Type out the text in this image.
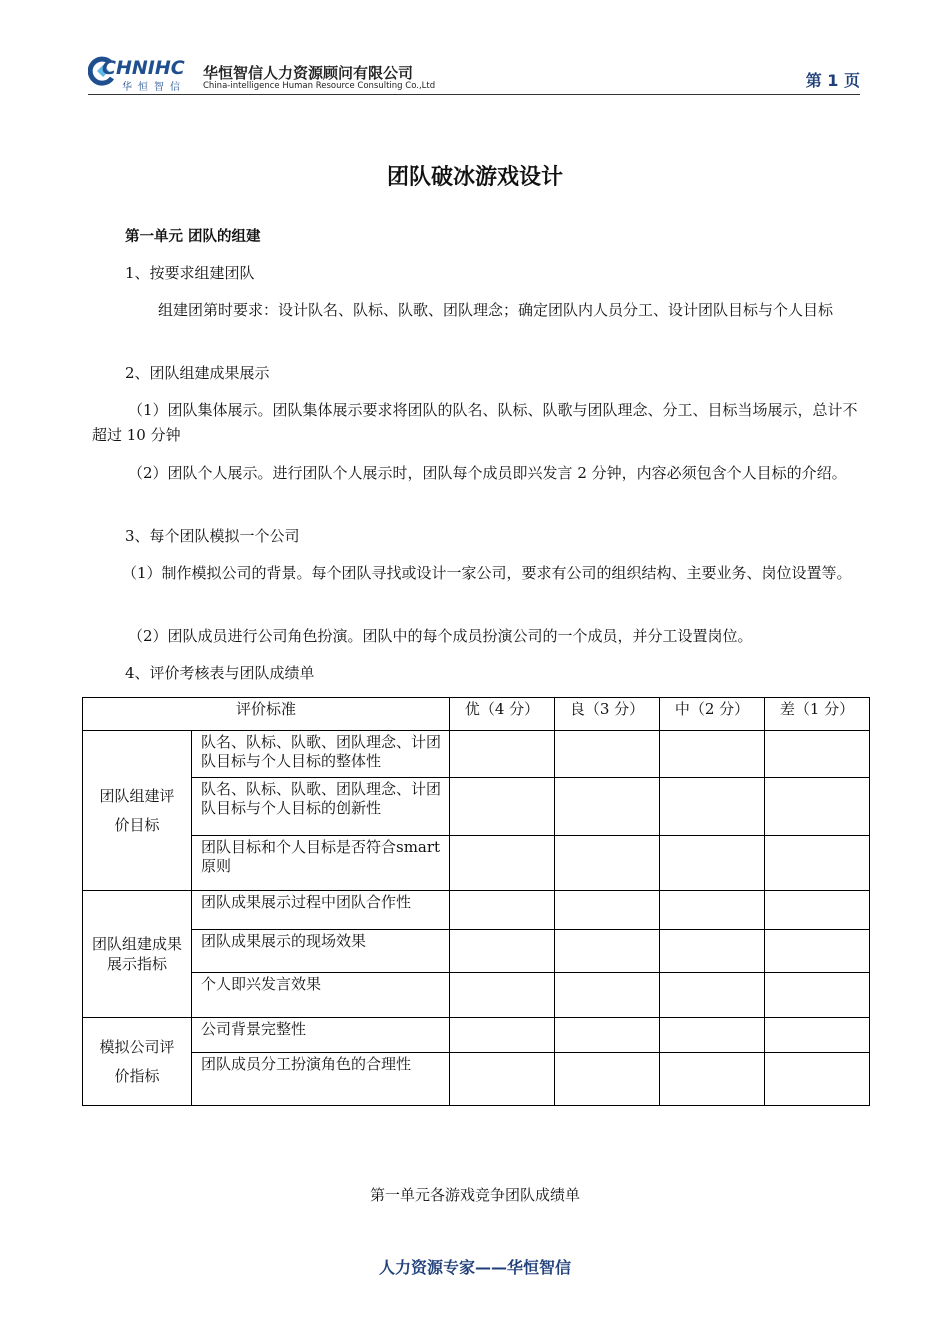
CHNIHC
华恒智信
华恒智信人力资源顾问有限公司
China-intelligence Human Resource Consulting Co.,Ltd	第 1 页
团队破冰游戏设计

第一单元 团队的组建

1、按要求组建团队

组建团第时要求：设计队名、队标、队歌、团队理念；确定团队内人员分工、设计团队目标与个人目标

2、团队组建成果展示

（1）团队集体展示。团队集体展示要求将团队的队名、队标、队歌与团队理念、分工、目标当场展示，总计不超过 10 分钟

（2）团队个人展示。进行团队个人展示时，团队每个成员即兴发言 2 分钟，内容必须包含个人目标的介绍。

3、每个团队模拟一个公司

（1）制作模拟公司的背景。每个团队寻找或设计一家公司，要求有公司的组织结构、主要业务、岗位设置等。

（2）团队成员进行公司角色扮演。团队中的每个成员扮演公司的一个成员，并分工设置岗位。

4、评价考核表与团队成绩单

评价标准		优（4 分）	良（3 分）	中（2 分）	差（1 分）
团队组建评价目标	队名、队标、队歌、团队理念、计团队目标与个人目标的整体性				
	队名、队标、队歌、团队理念、计团队目标与个人目标的创新性				
	团队目标和个人目标是否符合smart 原则				
团队组建成果展示指标	团队成果展示过程中团队合作性				
	团队成果展示的现场效果				
	个人即兴发言效果				
模拟公司评价指标	公司背景完整性				
	团队成员分工扮演角色的合理性				
第一单元各游戏竞争团队成绩单
人力资源专家——华恒智信
